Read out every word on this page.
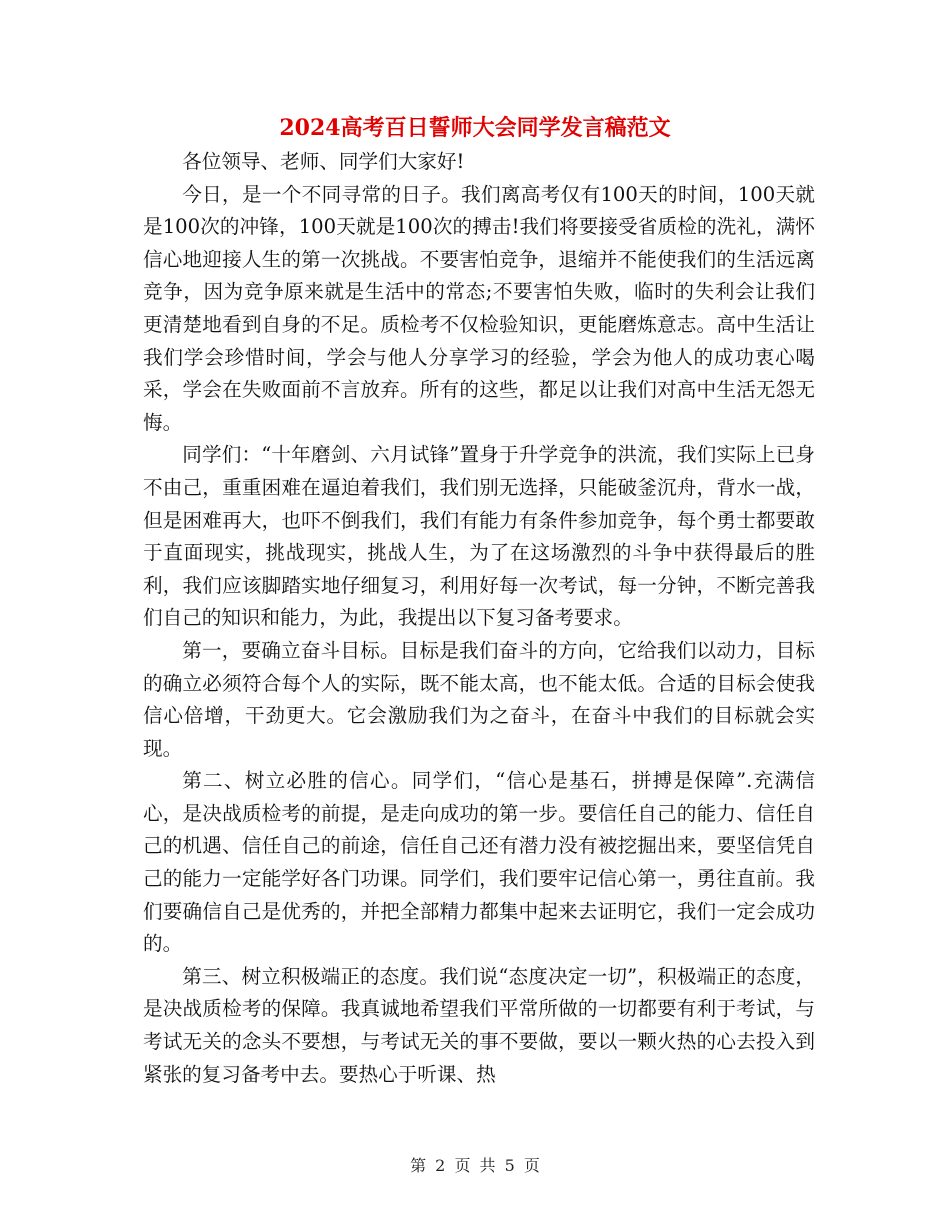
2024高考百日誓师大会同学发言稿范文

各位领导、老师、同学们大家好!

今日，是一个不同寻常的日子。我们离高考仅有100天的时间，100天就是100次的冲锋，100天就是100次的搏击!我们将要接受省质检的洗礼，满怀信心地迎接人生的第一次挑战。不要害怕竞争，退缩并不能使我们的生活远离竞争，因为竞争原来就是生活中的常态;不要害怕失败，临时的失利会让我们更清楚地看到自身的不足。质检考不仅检验知识，更能磨炼意志。高中生活让我们学会珍惜时间，学会与他人分享学习的经验，学会为他人的成功衷心喝采，学会在失败面前不言放弃。所有的这些，都足以让我们对高中生活无怨无悔。

同学们：“十年磨剑、六月试锋”置身于升学竞争的洪流，我们实际上已身不由己，重重困难在逼迫着我们，我们别无选择，只能破釜沉舟，背水一战，但是困难再大，也吓不倒我们，我们有能力有条件参加竞争，每个勇士都要敢于直面现实，挑战现实，挑战人生，为了在这场激烈的斗争中获得最后的胜利，我们应该脚踏实地仔细复习，利用好每一次考试，每一分钟，不断完善我们自己的知识和能力，为此，我提出以下复习备考要求。

第一，要确立奋斗目标。目标是我们奋斗的方向，它给我们以动力，目标的确立必须符合每个人的实际，既不能太高，也不能太低。合适的目标会使我信心倍增，干劲更大。它会激励我们为之奋斗，在奋斗中我们的目标就会实现。

第二、树立必胜的信心。同学们，“信心是基石，拼搏是保障”.充满信心，是决战质检考的前提，是走向成功的第一步。要信任自己的能力、信任自己的机遇、信任自己的前途，信任自己还有潜力没有被挖掘出来，要坚信凭自己的能力一定能学好各门功课。同学们，我们要牢记信心第一，勇往直前。我们要确信自己是优秀的，并把全部精力都集中起来去证明它，我们一定会成功的。

第三、树立积极端正的态度。我们说“态度决定一切”，积极端正的态度，是决战质检考的保障。我真诚地希望我们平常所做的一切都要有利于考试，与考试无关的念头不要想，与考试无关的事不要做，要以一颗火热的心去投入到紧张的复习备考中去。要热心于听课、热

第 2 页 共 5 页
